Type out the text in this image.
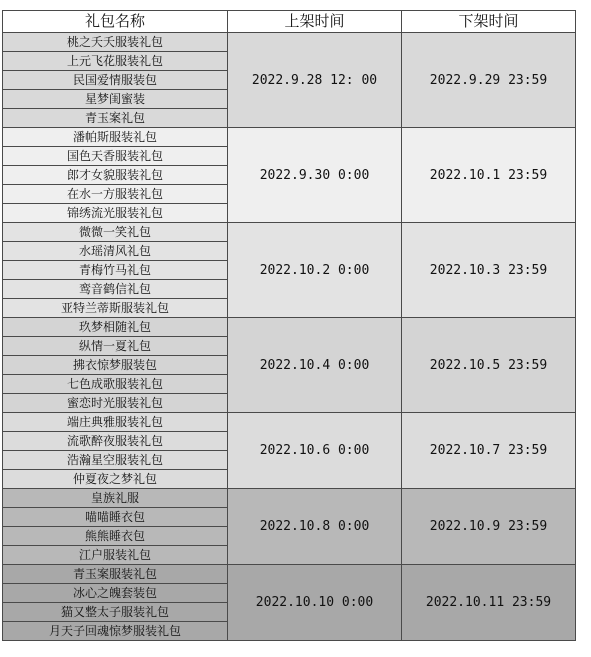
礼包名称	上架时间	下架时间
桃之夭夭服装礼包	2022.9.28 12: 00	2022.9.29 23:59
上元飞花服装礼包		
民国爱情服装包		
星梦闺蜜装		
青玉案礼包		
潘帕斯服装礼包	2022.9.30 0:00	2022.10.1 23:59
国色天香服装礼包		
郎才女貌服装礼包		
在水一方服装礼包		
锦绣流光服装礼包		
微微一笑礼包	2022.10.2 0:00	2022.10.3 23:59
水瑶清风礼包		
青梅竹马礼包		
鸾音鹤信礼包		
亚特兰蒂斯服装礼包		
玖梦相随礼包	2022.10.4 0:00	2022.10.5 23:59
纵情一夏礼包		
拂衣惊梦服装包		
七色成歌服装礼包		
蜜恋时光服装礼包		
端庄典雅服装礼包	2022.10.6 0:00	2022.10.7 23:59
流歌醉夜服装礼包		
浩瀚星空服装礼包		
仲夏夜之梦礼包		
皇族礼服	2022.10.8 0:00	2022.10.9 23:59
喵喵睡衣包		
熊熊睡衣包		
江户服装礼包		
青玉案服装礼包	2022.10.10 0:00	2022.10.11 23:59
冰心之魄套装包		
猫又整太子服装礼包		
月天子回魂惊梦服装礼包		
